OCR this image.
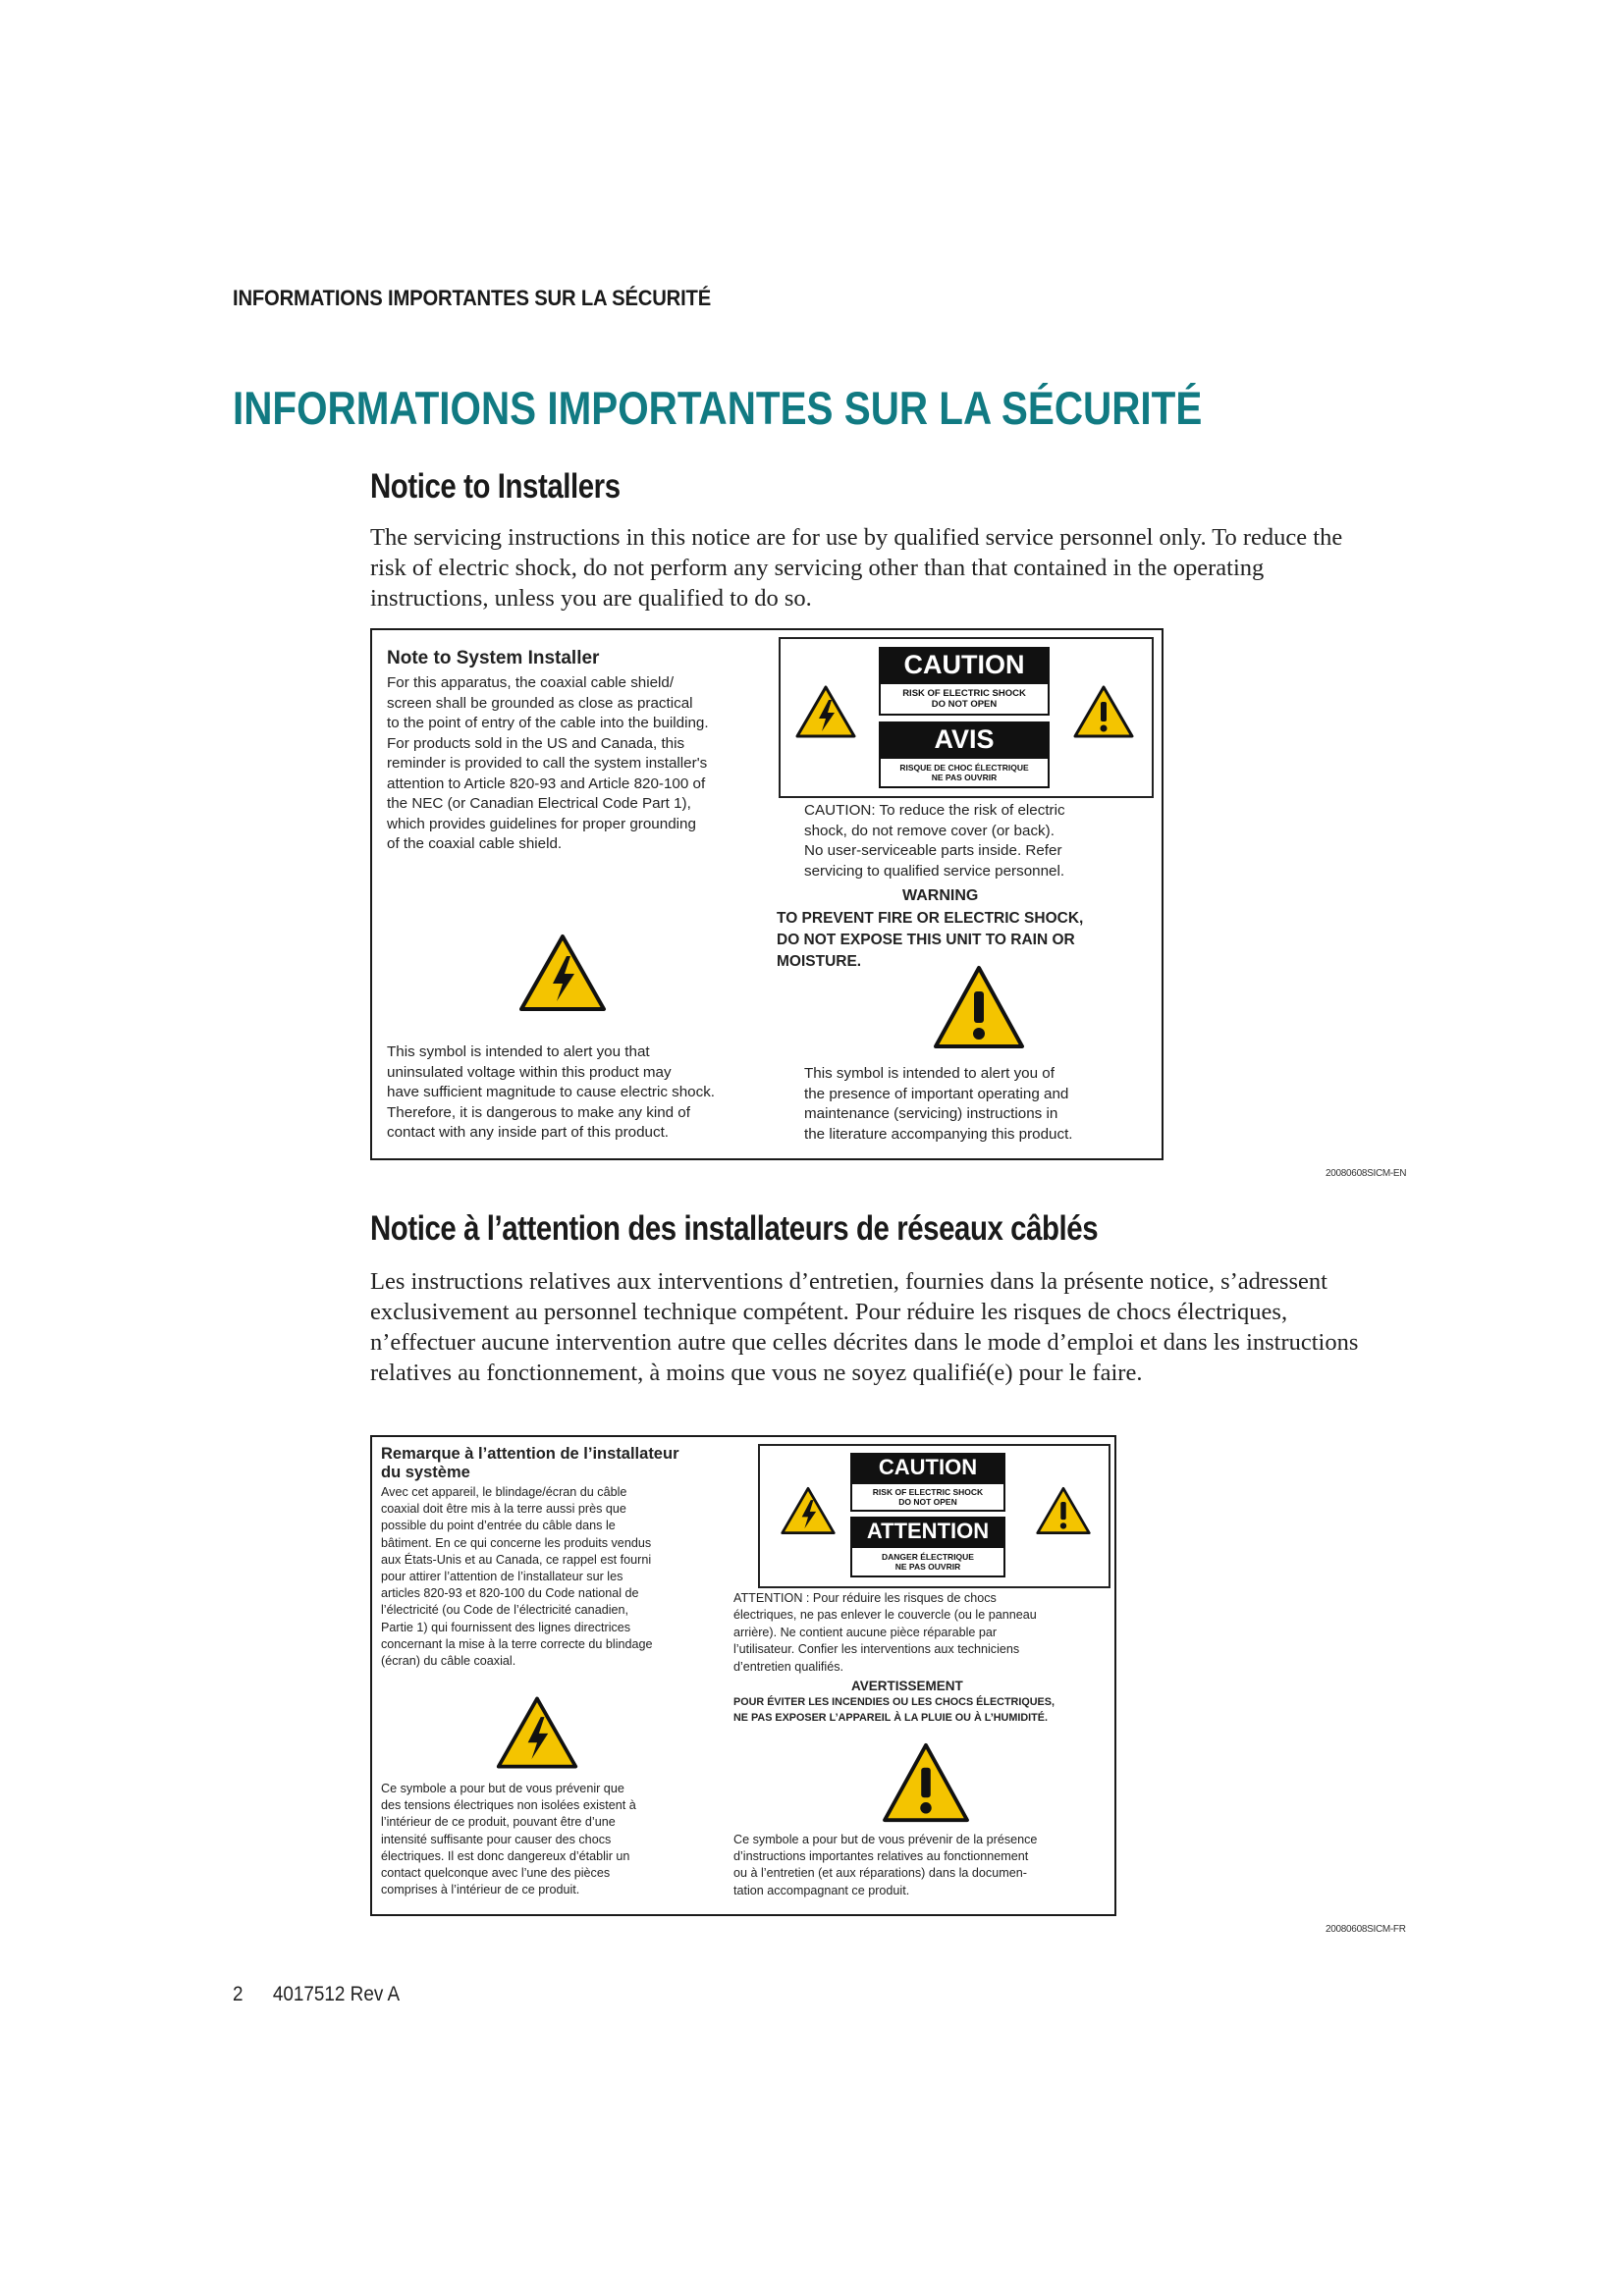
INFORMATIONS IMPORTANTES SUR LA SÉCURITÉ
INFORMATIONS IMPORTANTES SUR LA SÉCURITÉ
Notice to Installers
The servicing instructions in this notice are for use by qualified service personnel only. To reduce the risk of electric shock, do not perform any servicing other than that contained in the operating instructions, unless you are qualified to do so.
Note to System Installer
For this apparatus, the coaxial cable shield/
screen shall be grounded as close as practical
to the point of entry of the cable into the building.
For products sold in the US and Canada, this
reminder is provided to call the system installer's
attention to Article 820-93 and Article 820-100 of
the NEC (or Canadian Electrical Code Part 1),
which provides guidelines for proper grounding
of the coaxial cable shield.
This symbol is intended to alert you that
uninsulated voltage within this product may
have sufficient magnitude to cause electric shock.
Therefore, it is dangerous to make any kind of
contact with any inside part of this product.
CAUTION
RISK OF ELECTRIC SHOCK
DO NOT OPEN
AVIS
RISQUE DE CHOC ÉLECTRIQUE
NE PAS OUVRIR
CAUTION: To reduce the risk of electric
shock, do not remove cover (or back).
No user-serviceable parts inside. Refer
servicing to qualified service personnel.
WARNING
TO PREVENT FIRE OR ELECTRIC SHOCK,
DO NOT EXPOSE THIS UNIT TO RAIN OR
MOISTURE.
This symbol is intended to alert you of
the presence of important operating and
maintenance (servicing) instructions in
the literature accompanying this product.
20080608SICM-EN
Notice à l’attention des installateurs de réseaux câblés
Les instructions relatives aux interventions d’entretien, fournies dans la présente notice, s’adressent exclusivement au personnel technique compétent. Pour réduire les risques de chocs électriques, n’effectuer aucune intervention autre que celles décrites dans le mode d’emploi et dans les instructions relatives au fonctionnement, à moins que vous ne soyez qualifié(e) pour le faire.
Remarque à l’attention de l’installateur
du système
Avec cet appareil, le blindage/écran du câble
coaxial doit être mis à la terre aussi près que
possible du point d’entrée du câble dans le
bâtiment. En ce qui concerne les produits vendus
aux États-Unis et au Canada, ce rappel est fourni
pour attirer l’attention de l’installateur sur les
articles 820-93 et 820-100 du Code national de
l’électricité (ou Code de l’électricité canadien,
Partie 1) qui fournissent des lignes directrices
concernant la mise à la terre correcte du blindage
(écran) du câble coaxial.
Ce symbole a pour but de vous prévenir que
des tensions électriques non isolées existent à
l’intérieur de ce produit, pouvant être d’une
intensité suffisante pour causer des chocs
électriques. Il est donc dangereux d’établir un
contact quelconque avec l’une des pièces
comprises à l’intérieur de ce produit.
CAUTION
RISK OF ELECTRIC SHOCK
DO NOT OPEN
ATTENTION
DANGER ÉLECTRIQUE
NE PAS OUVRIR
ATTENTION : Pour réduire les risques de chocs
électriques, ne pas enlever le couvercle (ou le panneau
arrière). Ne contient aucune pièce réparable par
l’utilisateur. Confier les interventions aux techniciens
d’entretien qualifiés.
AVERTISSEMENT
POUR ÉVITER LES INCENDIES OU LES CHOCS ÉLECTRIQUES,
NE PAS EXPOSER L’APPAREIL À LA PLUIE OU À L’HUMIDITÉ.
Ce symbole a pour but de vous prévenir de la présence
d’instructions importantes relatives au fonctionnement
ou à l’entretien (et aux réparations) dans la documen-
tation accompagnant ce produit.
20080608SICM-FR
2 4017512 Rev A
